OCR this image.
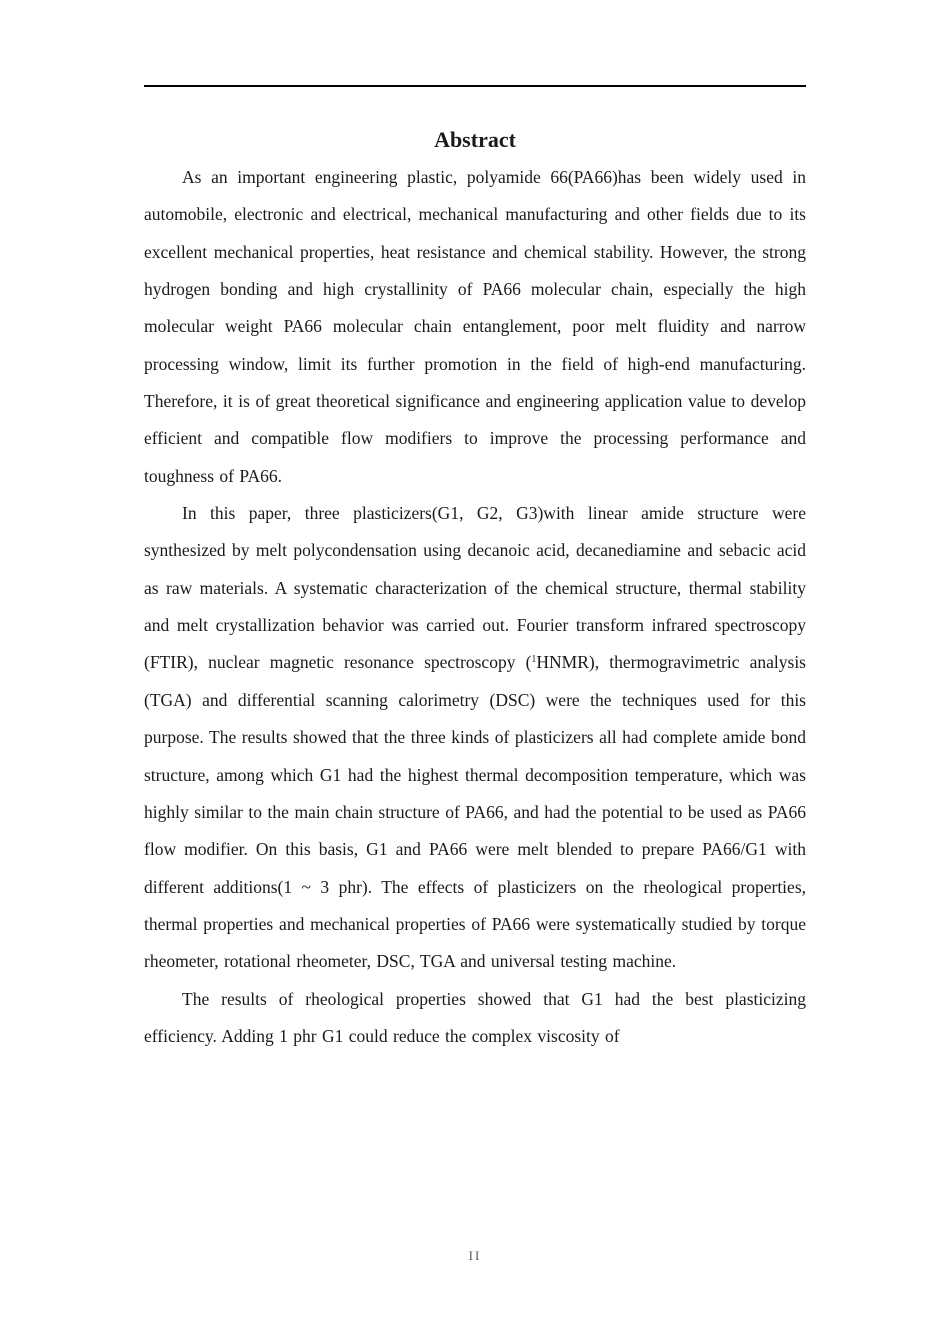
Abstract

As an important engineering plastic, polyamide 66(PA66)has been widely used in automobile, electronic and electrical, mechanical manufacturing and other fields due to its excellent mechanical properties, heat resistance and chemical stability. However, the strong hydrogen bonding and high crystallinity of PA66 molecular chain, especially the high molecular weight PA66 molecular chain entanglement, poor melt fluidity and narrow processing window, limit its further promotion in the field of high-end manufacturing. Therefore, it is of great theoretical significance and engineering application value to develop efficient and compatible flow modifiers to improve the processing performance and toughness of PA66.

In this paper, three plasticizers(G1, G2, G3)with linear amide structure were synthesized by melt polycondensation using decanoic acid, decanediamine and sebacic acid as raw materials. A systematic characterization of the chemical structure, thermal stability and melt crystallization behavior was carried out. Fourier transform infrared spectroscopy (FTIR), nuclear magnetic resonance spectroscopy ($^1$HNMR), thermogravimetric analysis (TGA) and differential scanning calorimetry (DSC) were the techniques used for this purpose. The results showed that the three kinds of plasticizers all had complete amide bond structure, among which G1 had the highest thermal decomposition temperature, which was highly similar to the main chain structure of PA66, and had the potential to be used as PA66 flow modifier. On this basis, G1 and PA66 were melt blended to prepare PA66/G1 with different additions(1 ~ 3 phr). The effects of plasticizers on the rheological properties, thermal properties and mechanical properties of PA66 were systematically studied by torque rheometer, rotational rheometer, DSC, TGA and universal testing machine.

The results of rheological properties showed that G1 had the best plasticizing efficiency. Adding 1 phr G1 could reduce the complex viscosity of

II
